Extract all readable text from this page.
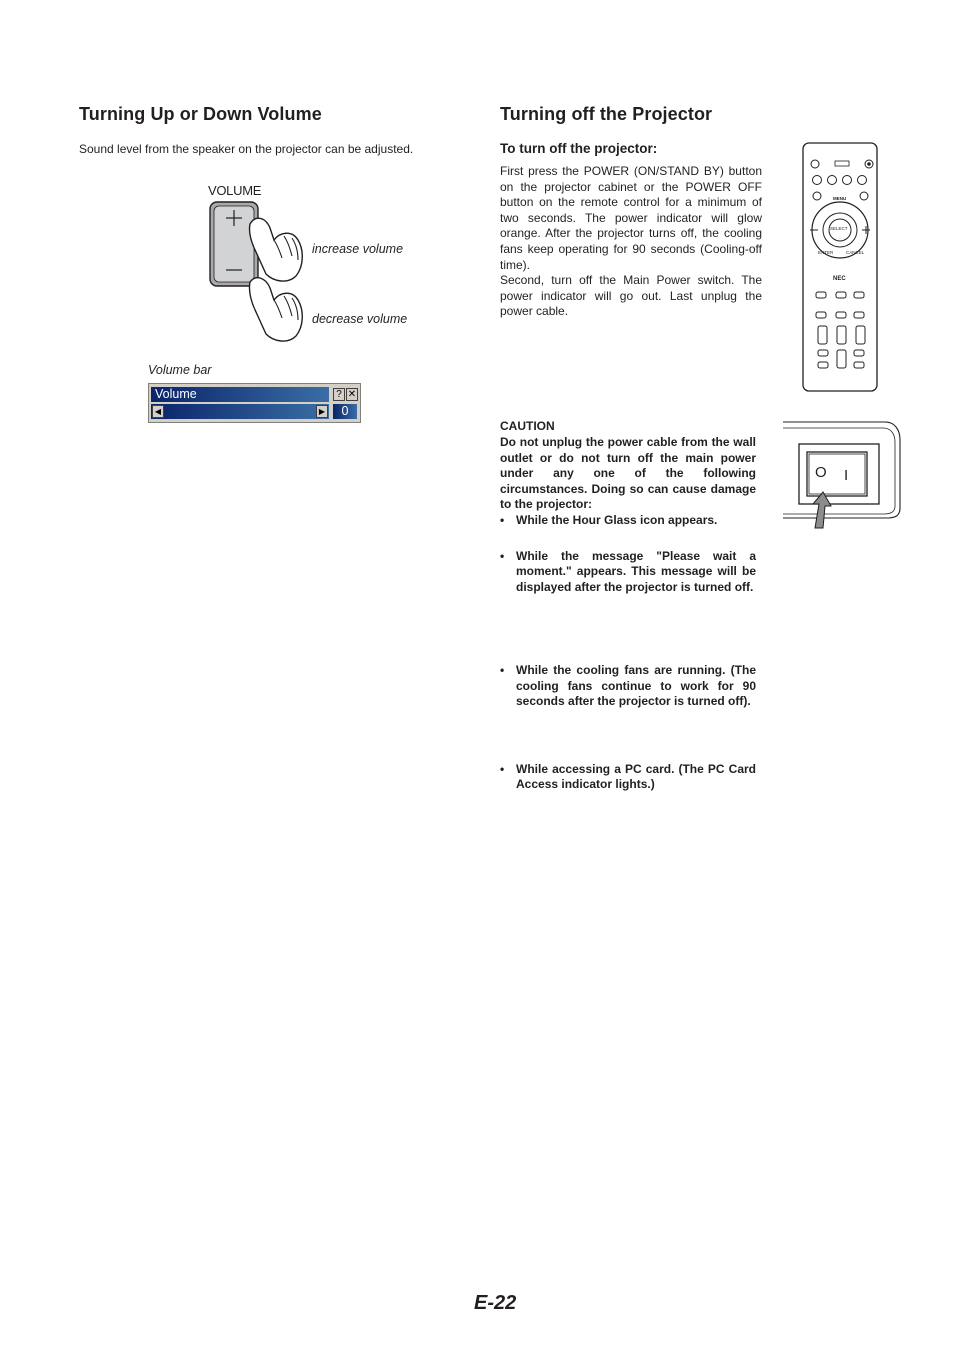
Turning Up or Down Volume

Sound level from the speaker on the projector can be adjusted.

VOLUME
increase volume
decrease volume
Volume bar
Volume	? ✕
◀	▶	0
Turning off the Projector
To turn off the projector:

First press the POWER (ON/STAND BY) button on the projector cabinet or the POWER OFF button on the remote control for a minimum of two seconds. The power indicator will glow orange. After the projector turns off, the cooling fans keep operating for 90 seconds (Cooling-off time).

Second, turn off the Main Power switch. The power indicator will go out. Last unplug the power cable.

MENU
SELECT
ENTER	CANCEL
NEC

CAUTION

Do not unplug the power cable from the wall outlet or do not turn off the main power under any one of the following circumstances. Doing so can cause damage to the projector:

• While the Hour Glass icon appears.
• While the message "Please wait a moment." appears. This message will be displayed after the projector is turned off.
• While the cooling fans are running. (The cooling fans continue to work for 90 seconds after the projector is turned off).
• While accessing a PC card. (The PC Card Access indicator lights.)
O I
E-22
